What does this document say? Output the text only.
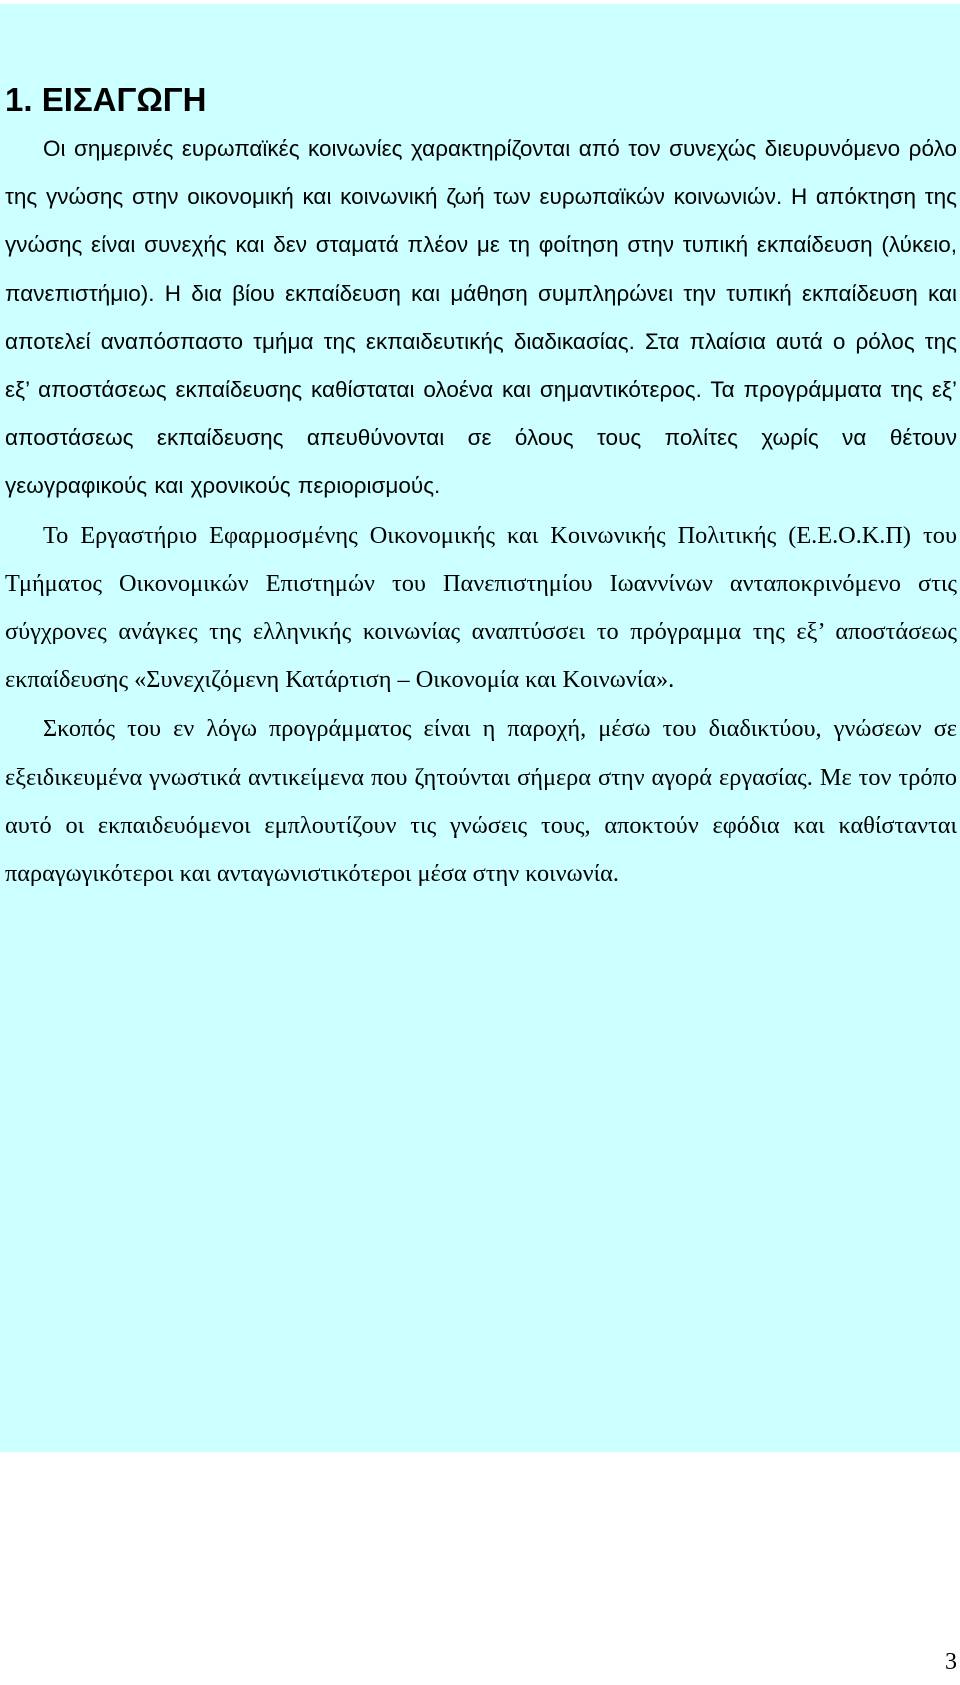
1. ΕΙΣΑΓΩΓΗ

Οι σημερινές ευρωπαϊκές κοινωνίες χαρακτηρίζονται από τον συνεχώς διευρυνόμενο ρόλο της γνώσης στην οικονομική και κοινωνική ζωή των ευρωπαϊκών κοινωνιών. Η απόκτηση της γνώσης είναι συνεχής και δεν σταματά πλέον με τη φοίτηση στην τυπική εκπαίδευση (λύκειο, πανεπιστήμιο). Η δια βίου εκπαίδευση και μάθηση συμπληρώνει την τυπική εκπαίδευση και αποτελεί αναπόσπαστο τμήμα της εκπαιδευτικής διαδικασίας. Στα πλαίσια αυτά ο ρόλος της εξ’ αποστάσεως εκπαίδευσης καθίσταται ολοένα και σημαντικότερος. Τα προγράμματα της εξ’ αποστάσεως εκπαίδευσης απευθύνονται σε όλους τους πολίτες χωρίς να θέτουν γεωγραφικούς και χρονικούς περιορισμούς.

Το Εργαστήριο Εφαρμοσμένης Οικονομικής και Κοινωνικής Πολιτικής (Ε.Ε.Ο.Κ.Π) του Τμήματος Οικονομικών Επιστημών του Πανεπιστημίου Ιωαννίνων ανταποκρινόμενο στις σύγχρονες ανάγκες της ελληνικής κοινωνίας αναπτύσσει το πρόγραμμα της εξ’ αποστάσεως εκπαίδευσης «Συνεχιζόμενη Κατάρτιση – Οικονομία και Κοινωνία».

Σκοπός του εν λόγω προγράμματος είναι η παροχή, μέσω του διαδικτύου, γνώσεων σε εξειδικευμένα γνωστικά αντικείμενα που ζητούνται σήμερα στην αγορά εργασίας. Με τον τρόπο αυτό οι εκπαιδευόμενοι εμπλουτίζουν τις γνώσεις τους, αποκτούν εφόδια και καθίστανται παραγωγικότεροι και ανταγωνιστικότεροι μέσα στην κοινωνία.

3
